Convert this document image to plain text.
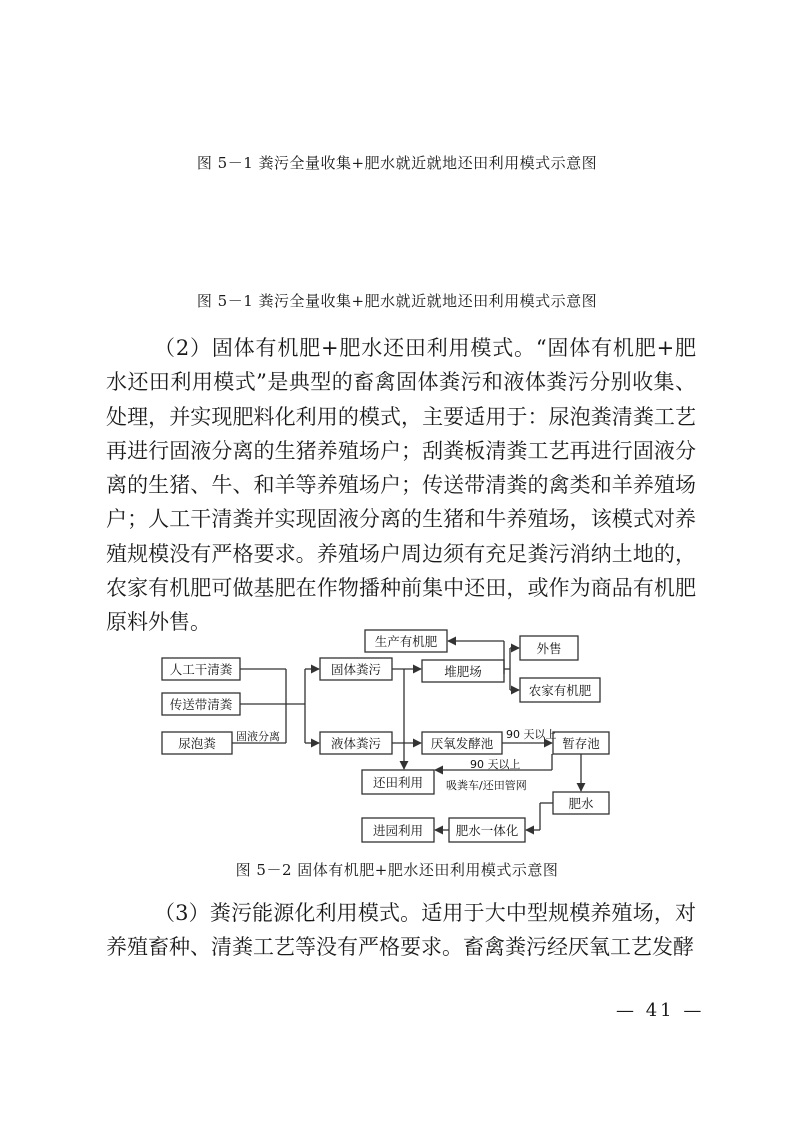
图 5－1 粪污全量收集+肥水就近就地还田利用模式示意图
图 5－1 粪污全量收集+肥水就近就地还田利用模式示意图

（2）固体有机肥+肥水还田利用模式。“固体有机肥+肥水还田利用模式”是典型的畜禽固体粪污和液体粪污分别收集、处理，并实现肥料化利用的模式，主要适用于：尿泡粪清粪工艺再进行固液分离的生猪养殖场户；刮粪板清粪工艺再进行固液分离的生猪、牛、和羊等养殖场户；传送带清粪的禽类和羊养殖场户；人工干清粪并实现固液分离的生猪和牛养殖场，该模式对养殖规模没有严格要求。养殖场户周边须有充足粪污消纳土地的，农家有机肥可做基肥在作物播种前集中还田，或作为商品有机肥原料外售。

人工干清粪
传送带清粪
尿泡粪 固液分离
固体粪污
液体粪污
生产有机肥
堆肥场
外售
农家有机肥
厌氧发酵池	暂存池
还田利用
肥水
进园利用	肥水一体化
90 天以上
90 天以上
吸粪车/还田管网
图 5－2 固体有机肥+肥水还田利用模式示意图

（3）粪污能源化利用模式。适用于大中型规模养殖场，对养殖畜种、清粪工艺等没有严格要求。畜禽粪污经厌氧工艺发酵

— 41 —
